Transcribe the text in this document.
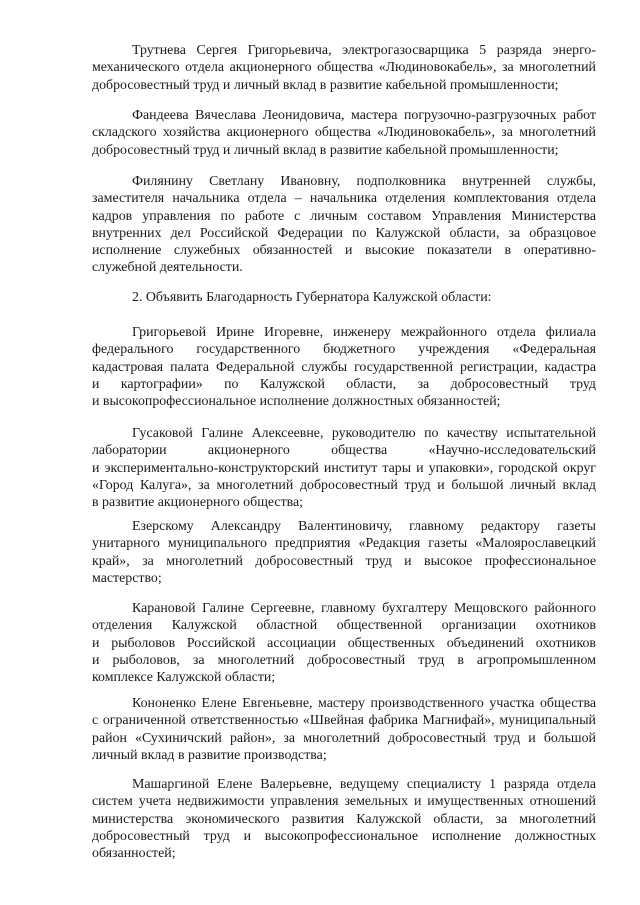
Трутнева Сергея Григорьевича, электрогазосварщика 5 разряда энерго-
механического отдела акционерного общества «Людиновокабель», за многолетний
добросовестный труд и личный вклад в развитие кабельной промышленности;
Фандеева Вячеслава Леонидовича, мастера погрузочно-разгрузочных работ
складского хозяйства акционерного общества «Людиновокабель», за многолетний
добросовестный труд и личный вклад в развитие кабельной промышленности;
Филянину Светлану Ивановну, подполковника внутренней службы,
заместителя начальника отдела – начальника отделения комплектования отдела
кадров управления по работе с личным составом Управления Министерства
внутренних дел Российской Федерации по Калужской области, за образцовое
исполнение служебных обязанностей и высокие показатели в оперативно-
служебной деятельности.

2. Объявить Благодарность Губернатора Калужской области:

Григорьевой Ирине Игоревне, инженеру межрайонного отдела филиала
федерального государственного бюджетного учреждения «Федеральная
кадастровая палата Федеральной службы государственной регистрации, кадастра
и картографии» по Калужской области, за добросовестный труд
и высокопрофессиональное исполнение должностных обязанностей;
Гусаковой Галине Алексеевне, руководителю по качеству испытательной
лаборатории акционерного общества «Научно-исследовательский
и экспериментально-конструкторский институт тары и упаковки», городской округ
«Город Калуга», за многолетний добросовестный труд и большой личный вклад
в развитие акционерного общества;
Езерскому Александру Валентиновичу, главному редактору газеты
унитарного муниципального предприятия «Редакция газеты «Малоярославецкий
край», за многолетний добросовестный труд и высокое профессиональное
мастерство;
Карановой Галине Сергеевне, главному бухгалтеру Мещовского районного
отделения Калужской областной общественной организации охотников
и рыболовов Российской ассоциации общественных объединений охотников
и рыболовов, за многолетний добросовестный труд в агропромышленном
комплексе Калужской области;
Кононенко Елене Евгеньевне, мастеру производственного участка общества
с ограниченной ответственностью «Швейная фабрика Магнифай», муниципальный
район «Сухиничский район», за многолетний добросовестный труд и большой
личный вклад в развитие производства;
Машаргиной Елене Валерьевне, ведущему специалисту 1 разряда отдела
систем учета недвижимости управления земельных и имущественных отношений
министерства экономического развития Калужской области, за многолетний
добросовестный труд и высокопрофессиональное исполнение должностных
обязанностей;
